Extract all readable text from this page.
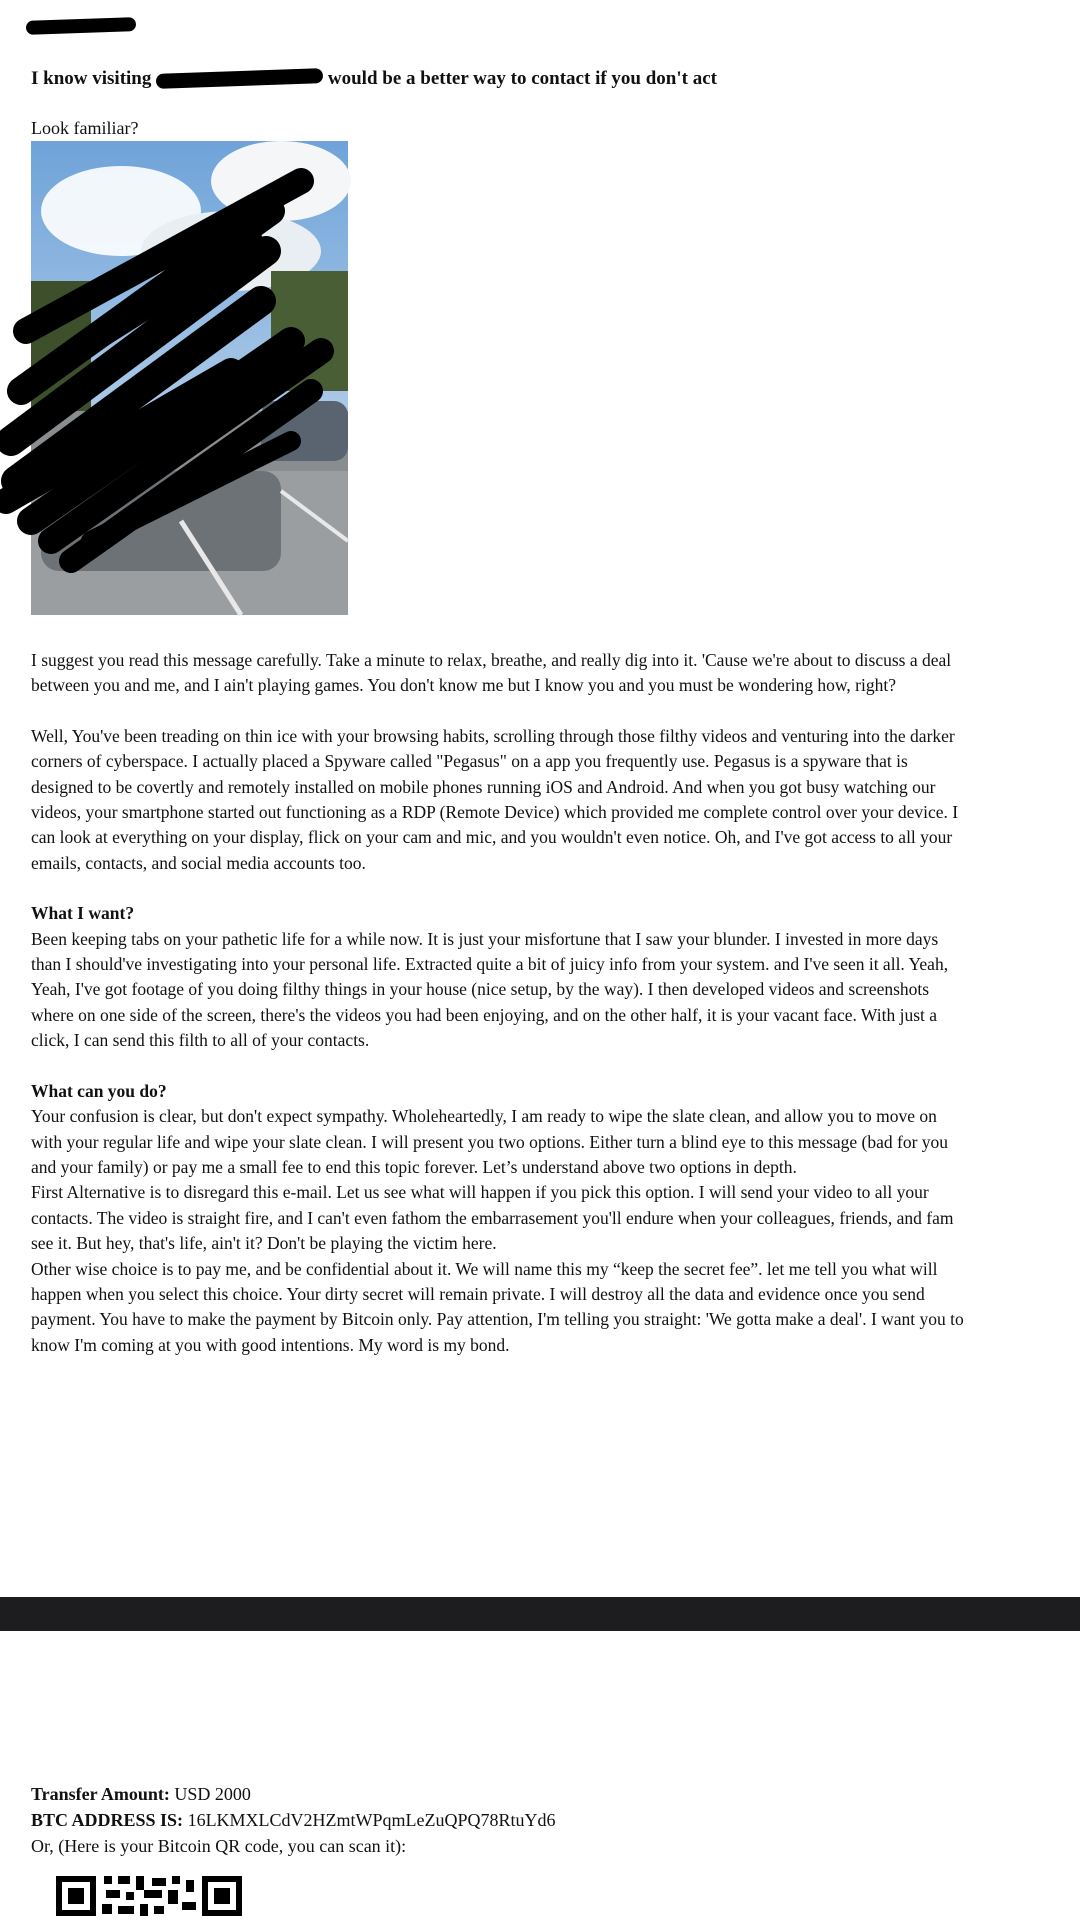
I know visiting	would be a better way to contact if you don't act
Look familiar?

I suggest you read this message carefully. Take a minute to relax, breathe, and really dig into it. 'Cause we're about to discuss a deal between you and me, and I ain't playing games. You don't know me but I know you and you must be wondering how, right?

Well, You've been treading on thin ice with your browsing habits, scrolling through those filthy videos and venturing into the darker corners of cyberspace. I actually placed a Spyware called "Pegasus" on a app you frequently use. Pegasus is a spyware that is designed to be covertly and remotely installed on mobile phones running iOS and Android. And when you got busy watching our videos, your smartphone started out functioning as a RDP (Remote Device) which provided me complete control over your device. I can look at everything on your display, flick on your cam and mic, and you wouldn't even notice. Oh, and I've got access to all your emails, contacts, and social media accounts too.

What I want?
Been keeping tabs on your pathetic life for a while now. It is just your misfortune that I saw your blunder. I invested in more days than I should've investigating into your personal life. Extracted quite a bit of juicy info from your system. and I've seen it all. Yeah, Yeah, I've got footage of you doing filthy things in your house (nice setup, by the way). I then developed videos and screenshots where on one side of the screen, there's the videos you had been enjoying, and on the other half, it is your vacant face. With just a click, I can send this filth to all of your contacts.

What can you do?
Your confusion is clear, but don't expect sympathy. Wholeheartedly, I am ready to wipe the slate clean, and allow you to move on with your regular life and wipe your slate clean. I will present you two options. Either turn a blind eye to this message (bad for you and your family) or pay me a small fee to end this topic forever. Let’s understand above two options in depth.

First Alternative is to disregard this e-mail. Let us see what will happen if you pick this option. I will send your video to all your contacts. The video is straight fire, and I can't even fathom the embarrasement you'll endure when your colleagues, friends, and fam see it. But hey, that's life, ain't it? Don't be playing the victim here.

Other wise choice is to pay me, and be confidential about it. We will name this my “keep the secret fee”. let me tell you what will happen when you select this choice. Your dirty secret will remain private. I will destroy all the data and evidence once you send payment. You have to make the payment by Bitcoin only. Pay attention, I'm telling you straight: 'We gotta make a deal'. I want you to know I'm coming at you with good intentions. My word is my bond.

Transfer Amount: USD 2000
BTC ADDRESS IS: 16LKMXLCdV2HZmtWPqmLeZuQPQ78RtuYd6
Or, (Here is your Bitcoin QR code, you can scan it):
